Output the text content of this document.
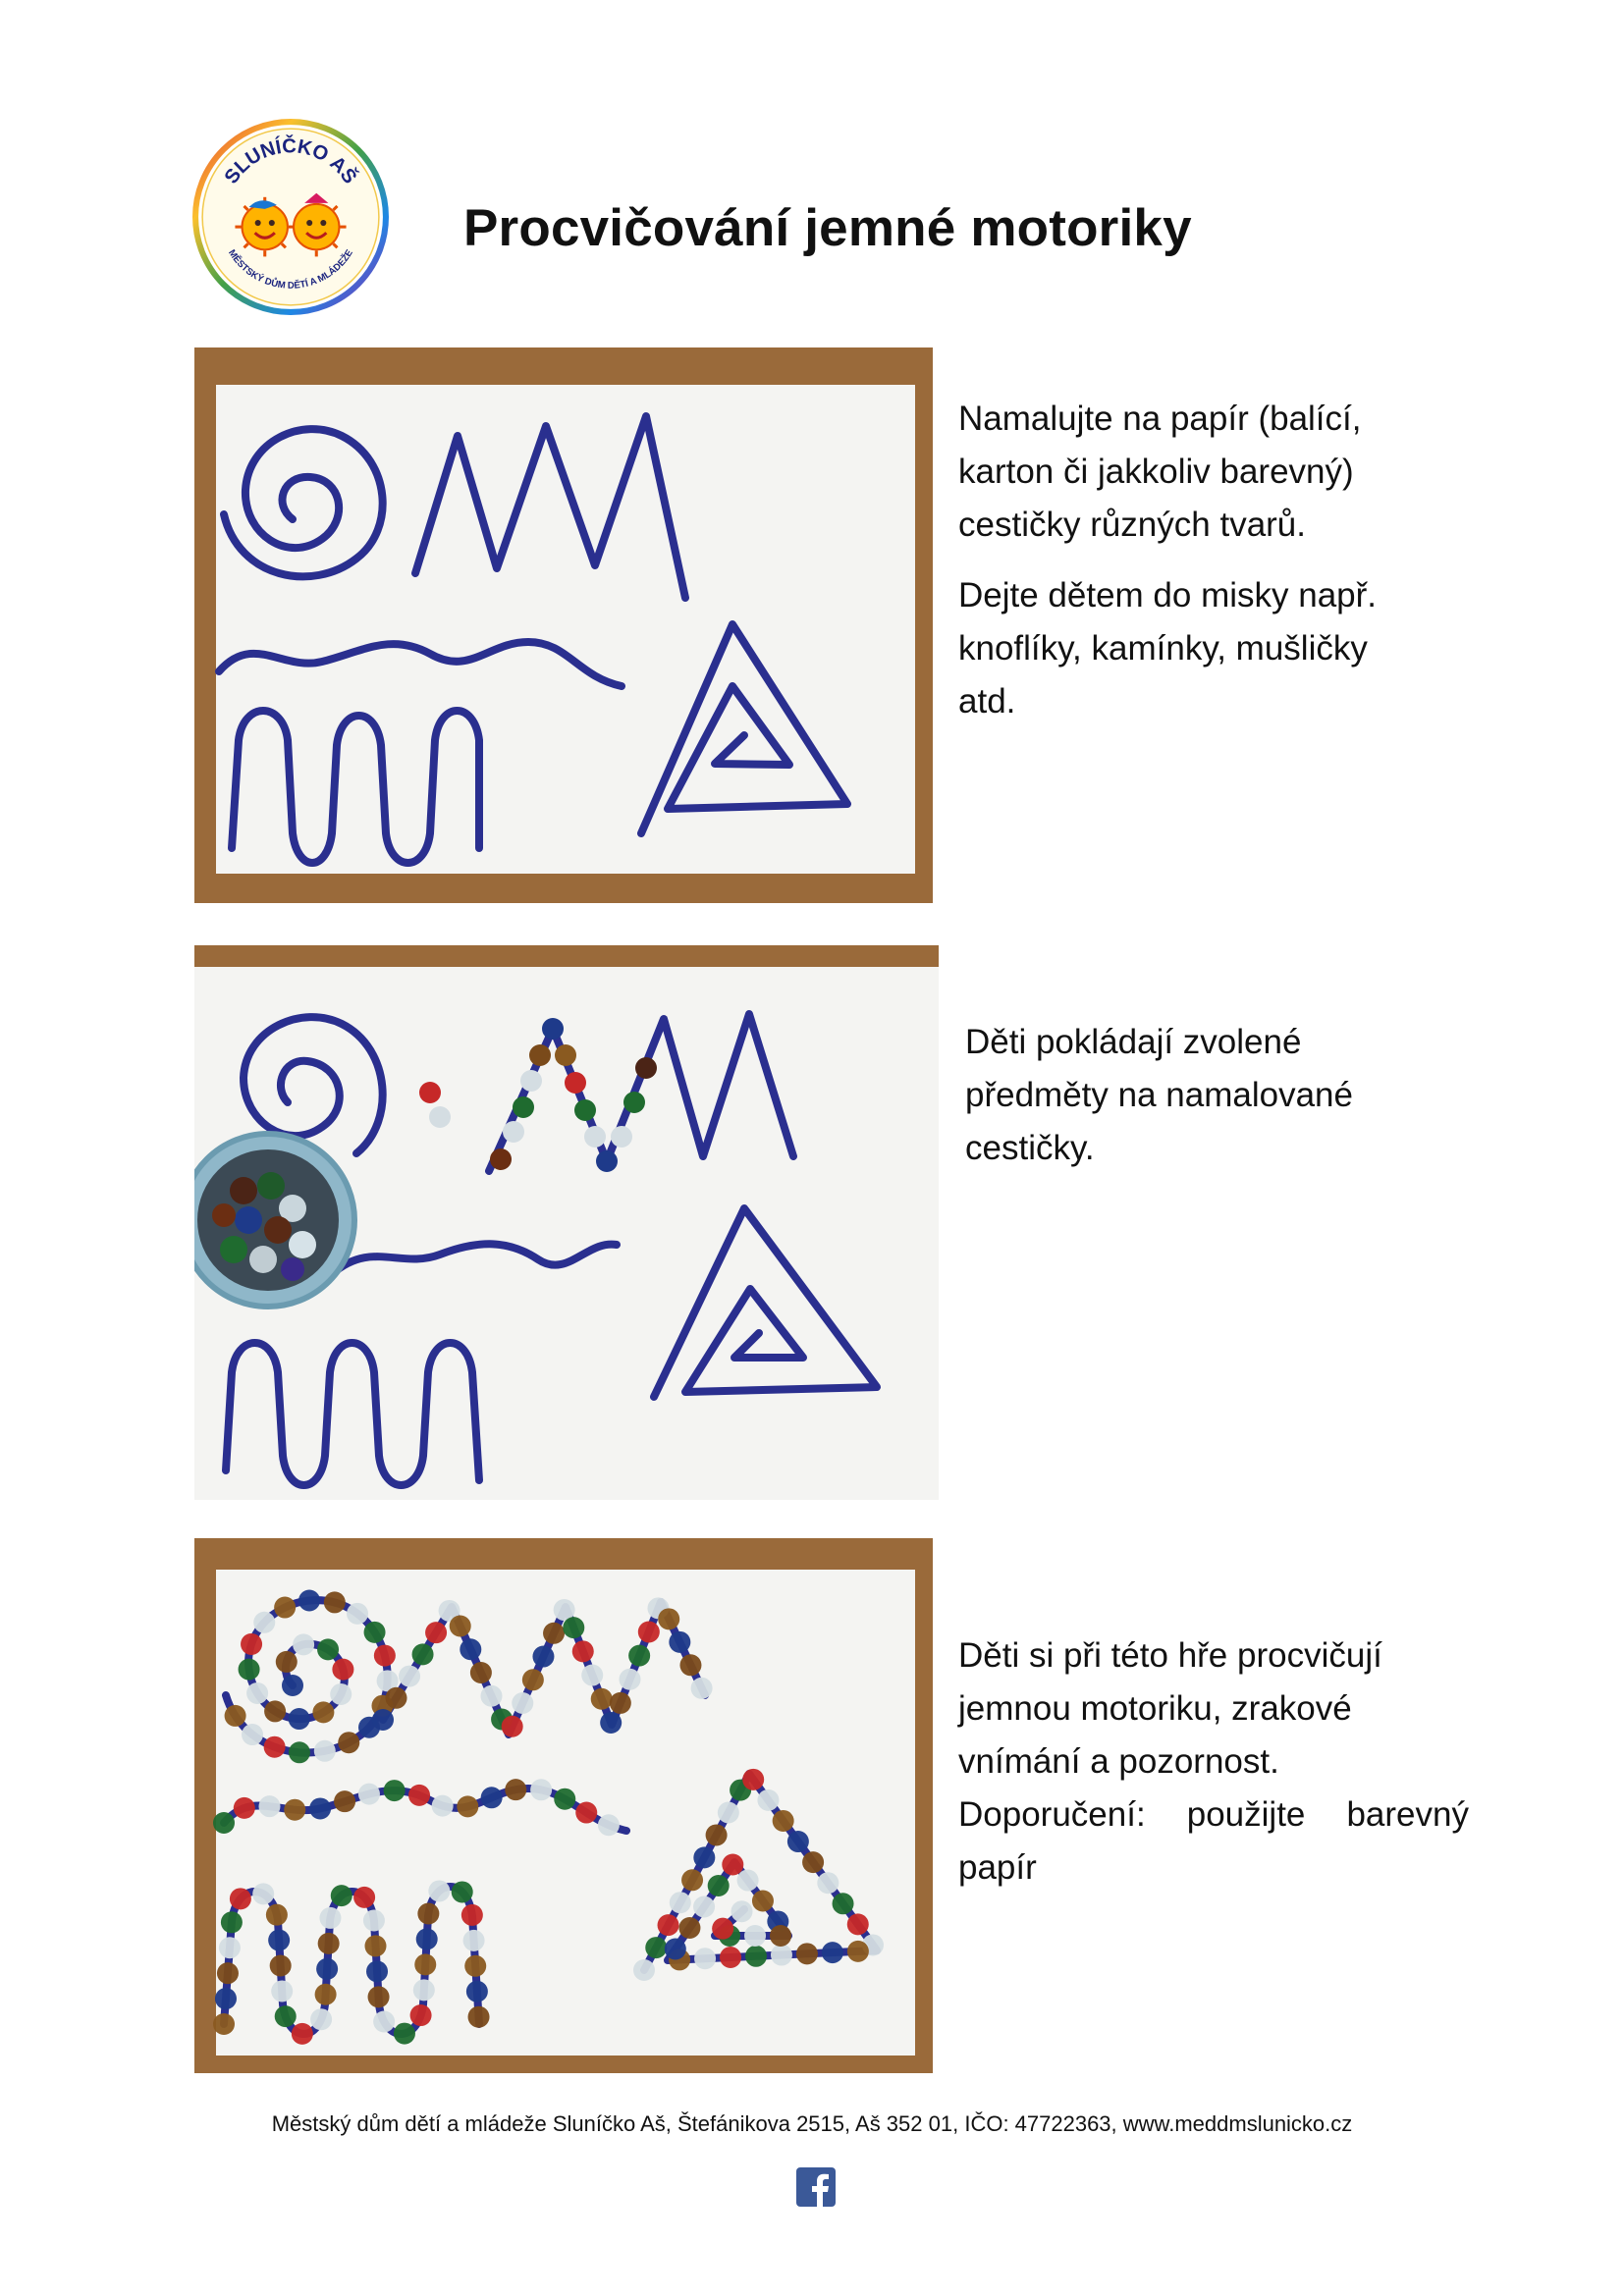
SLUNÍČKO AŠ
MĚSTSKÝ DŮM DĚTÍ A MLÁDEŽE Procvičování jemné motoriky

Namalujte na papír (balící, karton či jakkoliv barevný) cestičky různých tvarů.

Dejte dětem do misky např. knoflíky, kamínky, mušličky atd.

Děti pokládají zvolené předměty na namalované cestičky.

Děti si při této hře procvičují jemnou motoriku, zrakové vnímání a pozornost.

Doporučení: použijte barevný
papír
Městský dům dětí a mládeže Sluníčko Aš, Štefánikova 2515, Aš 352 01, IČO: 47722363, www.meddmslunicko.cz
